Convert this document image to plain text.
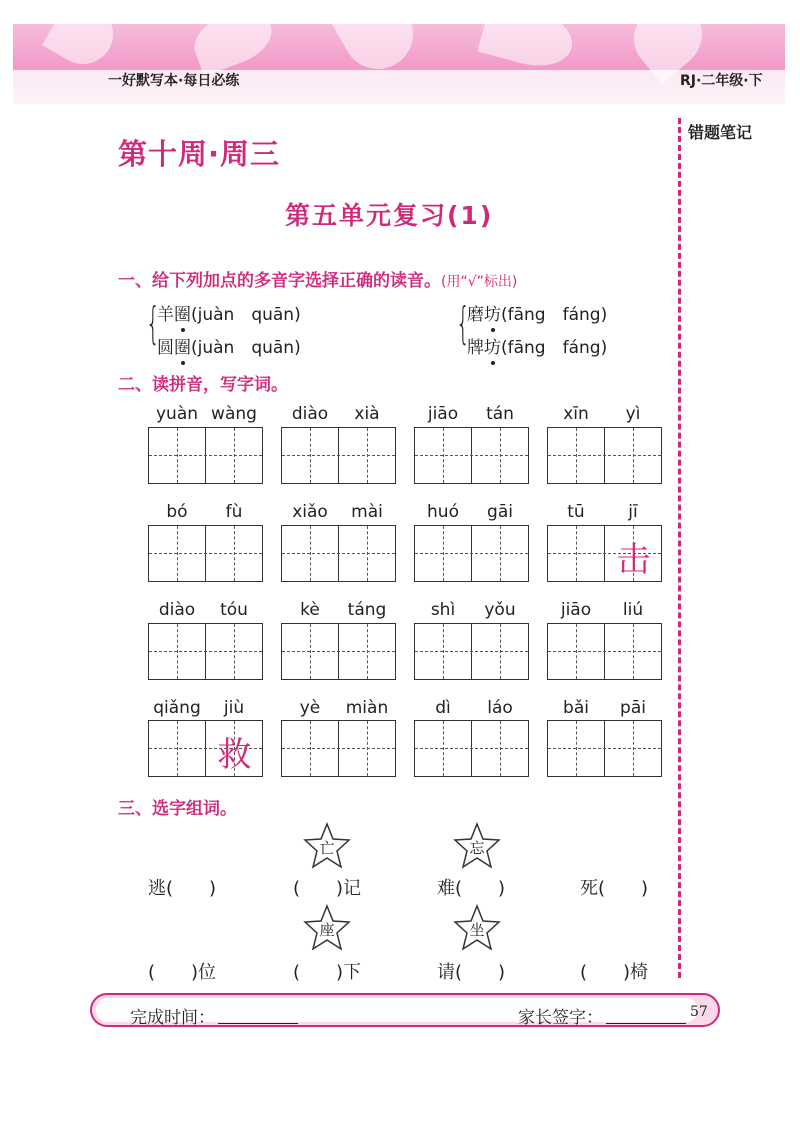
一好默写本·每日必练	RJ·二年级·下
错题笔记
第十周·周三
第五单元复习(1)
一、给下列加点的多音字选择正确的读音。(用“√”标出)
{
羊圈(juàn　quān)
圆圈(juàn　quān)	{
磨坊(fāng　fáng)
牌坊(fāng　fáng)
二、读拼音，写字词。
yuàn wàng	diào xià	jiāo tán	xīn yì
bó fù	xiǎo mài	huó gāi	tū	jī
击
diào tóu	kè táng	shì yǒu	jiāo liú
qiǎng jiù
救
yè miàn	dì láo	bǎi pāi
三、选字组词。
亡	忘
逃(　　)	(　　)记	难(　　)	死(　　)
座	坐
(　　)位	(　　)下	请(　　)	(　　)椅
完成时间：	家长签字：	57
